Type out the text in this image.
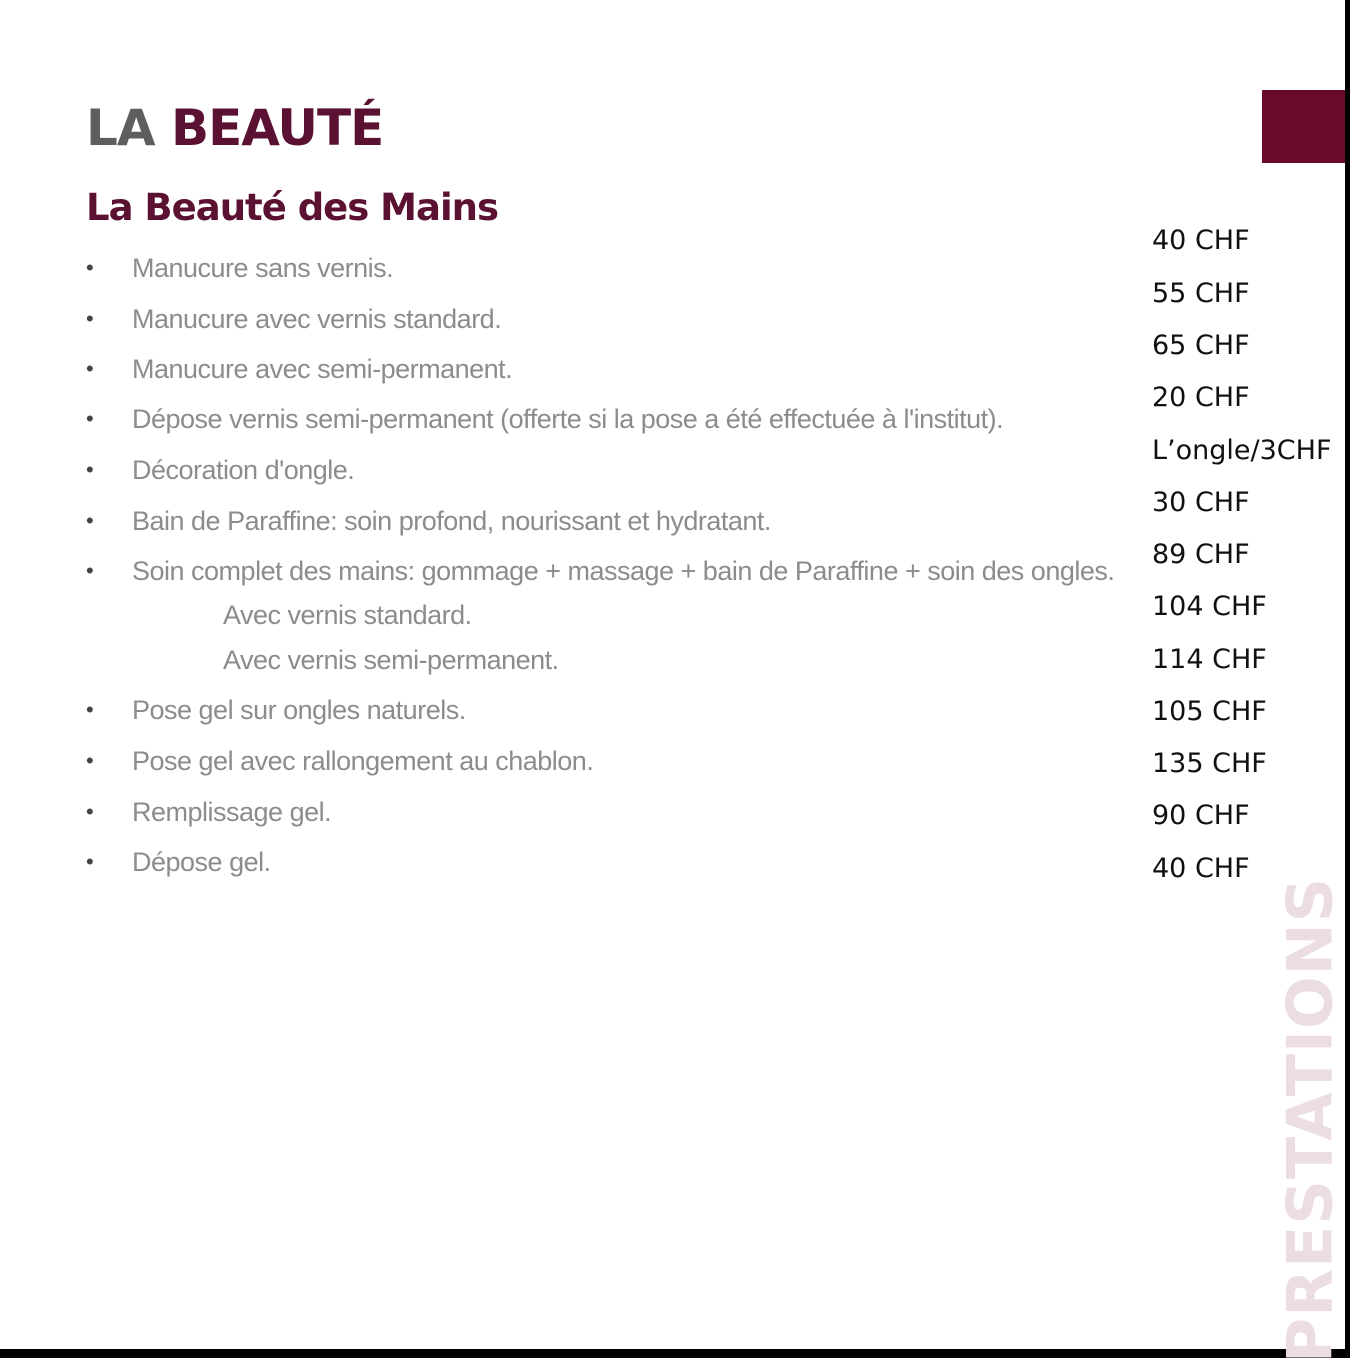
PRESTATIONS
LA BEAUTÉ
La Beauté des Mains
• Manucure sans vernis.
• Manucure avec vernis standard.
• Manucure avec semi-permanent.
• Dépose vernis semi-permanent (offerte si la pose a été effectuée à l'institut).
• Décoration d'ongle.
• Bain de Paraffine: soin profond, nourissant et hydratant.
• Soin complet des mains: gommage + massage + bain de Paraffine + soin des ongles.
Avec vernis standard.
Avec vernis semi-permanent.
• Pose gel sur ongles naturels.
• Pose gel avec rallongement au chablon.
• Remplissage gel.
• Dépose gel.
40 CHF
55 CHF
65 CHF
20 CHF
L’ongle/3CHF
30 CHF
89 CHF
104 CHF
114 CHF
105 CHF
135 CHF
90 CHF
40 CHF
